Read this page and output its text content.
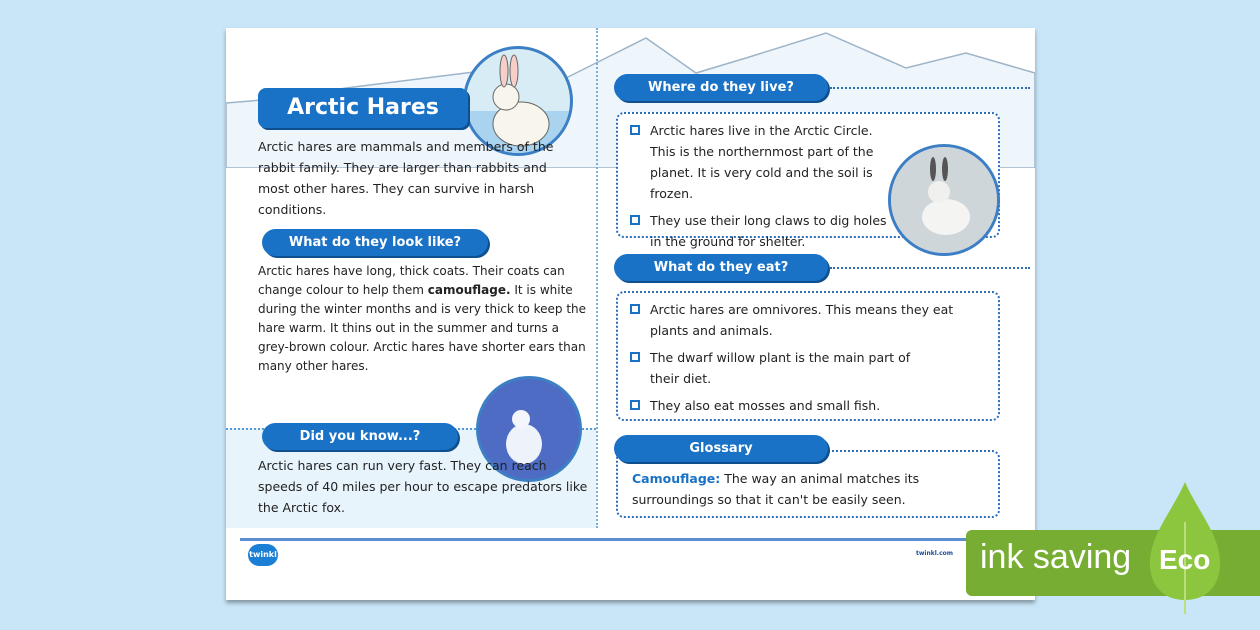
Arctic Hares
Arctic hares are mammals and members of the rabbit family. They are larger than rabbits and most other hares. They can survive in harsh conditions.
What do they look like?
Arctic hares have long, thick coats. Their coats can change colour to help them camouflage. It is white during the winter months and is very thick to keep the hare warm. It thins out in the summer and turns a grey-brown colour. Arctic hares have shorter ears than many other hares.
Did you know...?
Arctic hares can run very fast. They can reach speeds of 40 miles per hour to escape predators like the Arctic fox.
Where do they live?
Arctic hares live in the Arctic Circle. This is the northernmost part of the planet. It is very cold and the soil is frozen.
They use their long claws to dig holes in the ground for shelter.
What do they eat?
Arctic hares are omnivores. This means they eat plants and animals.
The dwarf willow plant is the main part of their diet.
They also eat mosses and small fish.
Glossary
Camouflage: The way an animal matches its surroundings so that it can't be easily seen.
twinkl	twinkl.com ink saving Eco
